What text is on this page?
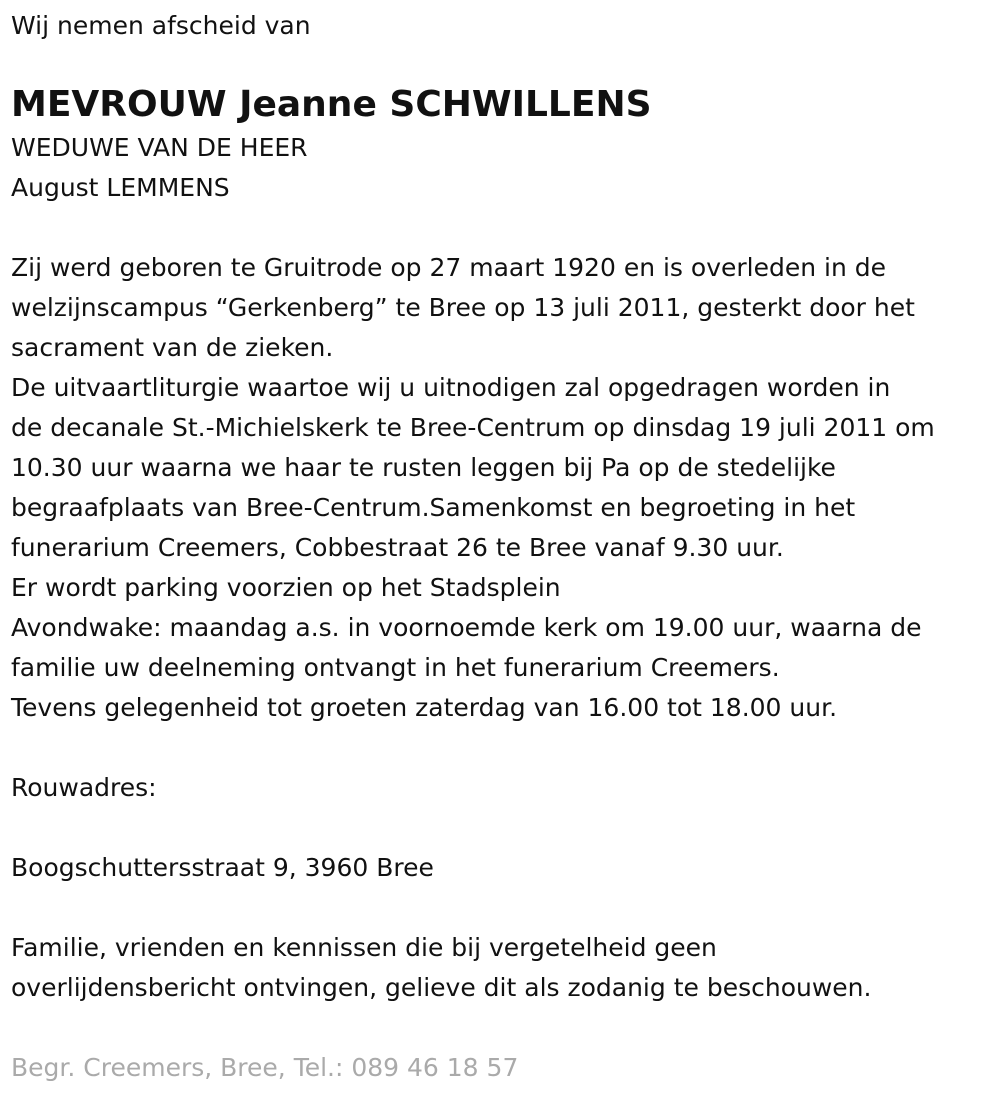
Wij nemen afscheid van

MEVROUW Jeanne SCHWILLENS

WEDUWE VAN DE HEER

August LEMMENS

Zij werd geboren te Gruitrode op 27 maart 1920 en is overleden in de

welzijnscampus “Gerkenberg” te Bree op 13 juli 2011, gesterkt door het

sacrament van de zieken.

De uitvaartliturgie waartoe wij u uitnodigen zal opgedragen worden in

de decanale St.-Michielskerk te Bree-Centrum op dinsdag 19 juli 2011 om

10.30 uur waarna we haar te rusten leggen bij Pa op de stedelijke

begraafplaats van Bree-Centrum.Samenkomst en begroeting in het

funerarium Creemers, Cobbestraat 26 te Bree vanaf 9.30 uur.

Er wordt parking voorzien op het Stadsplein

Avondwake: maandag a.s. in voornoemde kerk om 19.00 uur, waarna de

familie uw deelneming ontvangt in het funerarium Creemers.

Tevens gelegenheid tot groeten zaterdag van 16.00 tot 18.00 uur.

Rouwadres:

Boogschuttersstraat 9, 3960 Bree

Familie, vrienden en kennissen die bij vergetelheid geen

overlijdensbericht ontvingen, gelieve dit als zodanig te beschouwen.

Begr. Creemers, Bree, Tel.: 089 46 18 57
